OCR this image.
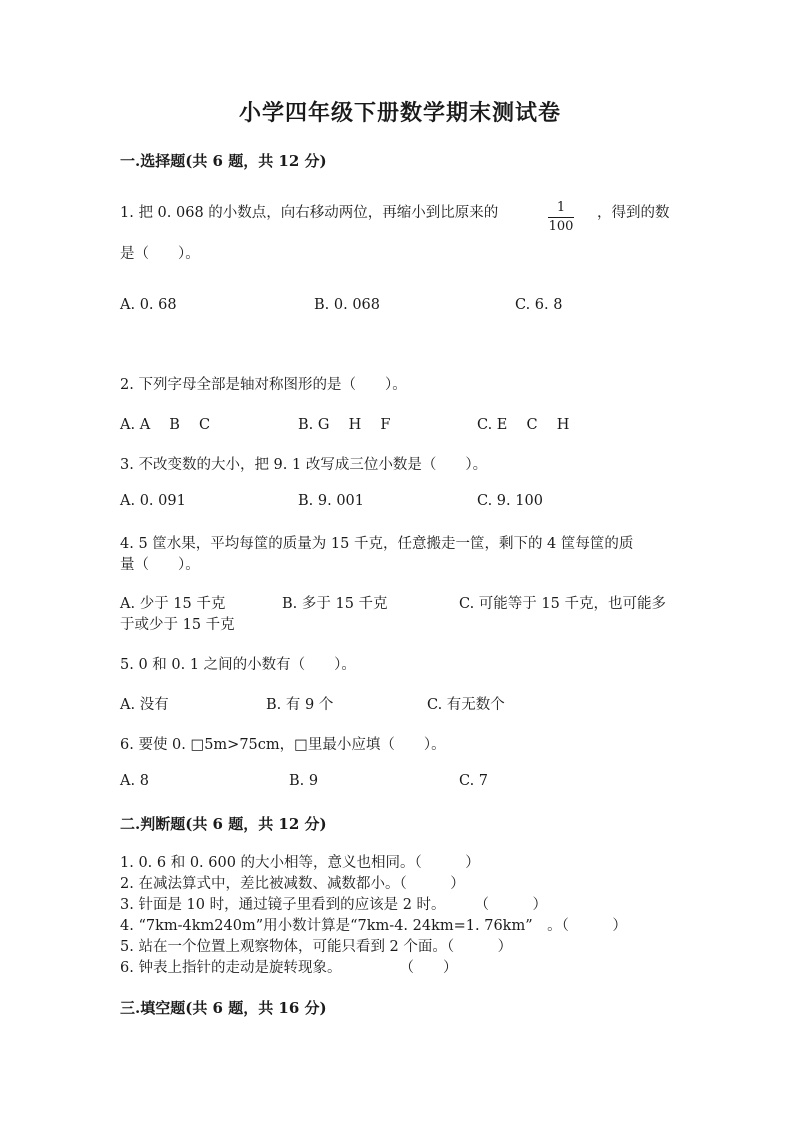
小学四年级下册数学期末测试卷
一.选择题(共 6 题，共 12 分)
1. 把 0. 068 的小数点，向右移动两位，再缩小到比原来的	1
100
，得到的数
是（　　）。
A. 0. 68	B. 0. 068	C. 6. 8
2. 下列字母全部是轴对称图形的是（　　）。
A. A　 B　 C	B. G　 H　 F	C. E　 C　 H
3. 不改变数的大小，把 9. 1 改写成三位小数是（　　）。
A. 0. 091	B. 9. 001	C. 9. 100
4. 5 筐水果，平均每筐的质量为 15 千克，任意搬走一筐，剩下的 4 筐每筐的质
量（　　）。
A. 少于 15 千克	B. 多于 15 千克	C. 可能等于 15 千克，也可能多
于或少于 15 千克
5. 0 和 0. 1 之间的小数有（　　）。
A. 没有	B. 有 9 个	C. 有无数个
6. 要使 0. □5m>75cm，□里最小应填（　　）。
A. 8	B. 9	C. 7
二.判断题(共 6 题，共 12 分)
1. 0. 6 和 0. 600 的大小相等，意义也相同。（　　　）
2. 在减法算式中，差比被减数、减数都小。（　　　）
3. 针面是 10 时，通过镜子里看到的应该是 2 时。　　　（　　　）
4. “7km-4km240m”用小数计算是“7km-4. 24km=1. 76km”　。（　　　）
5. 站在一个位置上观察物体，可能只看到 2 个面。（　　　）
6. 钟表上指针的走动是旋转现象。　　　　　（　　）
三.填空题(共 6 题，共 16 分)
